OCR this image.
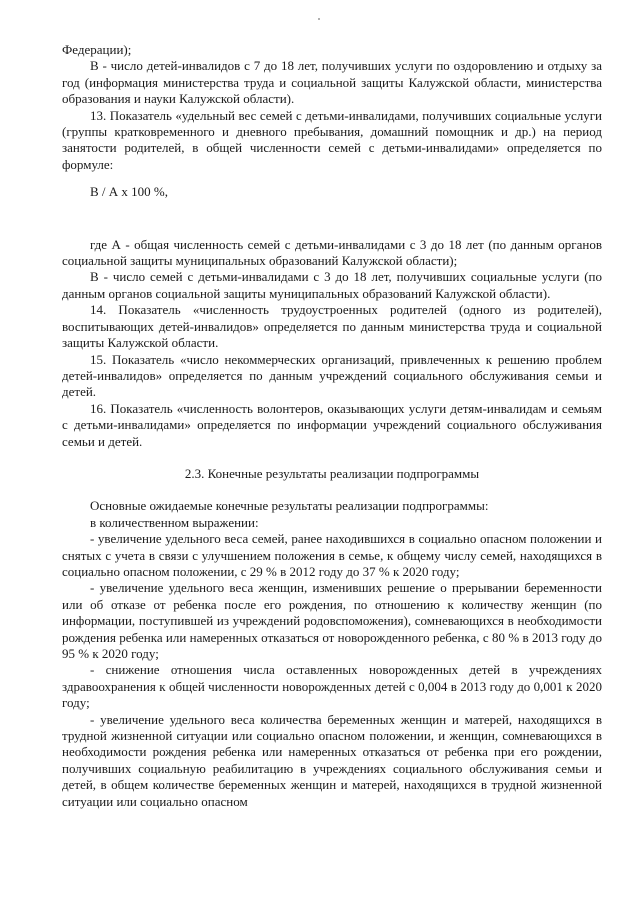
Федерации);

В - число детей-инвалидов с 7 до 18 лет, получивших услуги по оздоровлению и отдыху за год (информация министерства труда и социальной защиты Калужской области, министерства образования и науки Калужской области).

13. Показатель «удельный вес семей с детьми-инвалидами, получивших социальные услуги (группы кратковременного и дневного пребывания, домашний помощник и др.) на период занятости родителей, в общей численности семей с детьми-инвалидами» определяется по формуле:

В / А х 100 %,

где А - общая численность семей с детьми-инвалидами с 3 до 18 лет (по данным органов социальной защиты муниципальных образований Калужской области);

В - число семей с детьми-инвалидами с 3 до 18 лет, получивших социальные услуги (по данным органов социальной защиты муниципальных образований Калужской области).

14. Показатель «численность трудоустроенных родителей (одного из родителей), воспитывающих детей-инвалидов» определяется по данным министерства труда и социальной защиты Калужской области.

15. Показатель «число некоммерческих организаций, привлеченных к решению проблем детей-инвалидов» определяется по данным учреждений социального обслуживания семьи и детей.

16. Показатель «численность волонтеров, оказывающих услуги детям-инвалидам и семьям с детьми-инвалидами» определяется по информации учреждений социального обслуживания семьи и детей.

2.3. Конечные результаты реализации подпрограммы

Основные ожидаемые конечные результаты реализации подпрограммы:

в количественном выражении:

- увеличение удельного веса семей, ранее находившихся в социально опасном положении и снятых с учета в связи с улучшением положения в семье, к общему числу семей, находящихся в социально опасном положении, с 29 % в 2012 году до 37 % к 2020 году;

- увеличение удельного веса женщин, изменивших решение о прерывании беременности или об отказе от ребенка после его рождения, по отношению к количеству женщин (по информации, поступившей из учреждений родовспоможения), сомневающихся в необходимости рождения ребенка или намеренных отказаться от новорожденного ребенка, с 80 % в 2013 году до 95 % к 2020 году;

- снижение отношения числа оставленных новорожденных детей в учреждениях здравоохранения к общей численности новорожденных детей с 0,004 в 2013 году до 0,001 к 2020 году;

- увеличение удельного веса количества беременных женщин и матерей, находящихся в трудной жизненной ситуации или социально опасном положении, и женщин, сомневающихся в необходимости рождения ребенка или намеренных отказаться от ребенка при его рождении, получивших социальную реабилитацию в учреждениях социального обслуживания семьи и детей, в общем количестве беременных женщин и матерей, находящихся в трудной жизненной ситуации или социально опасном
